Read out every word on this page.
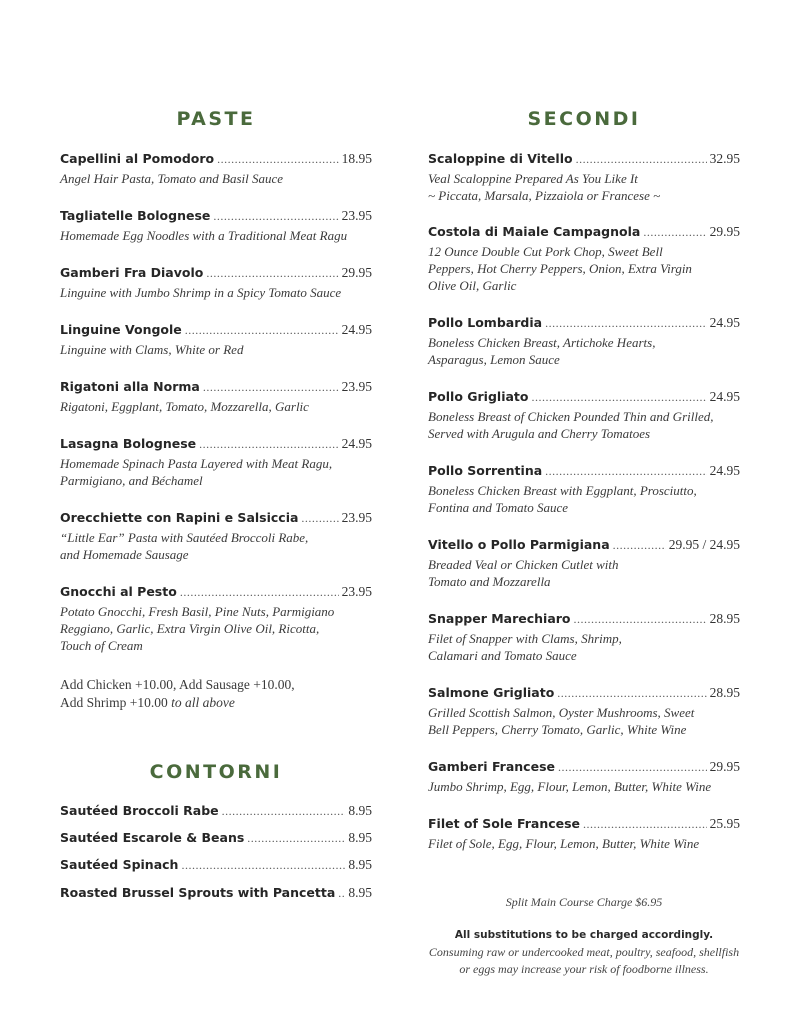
PASTE
Capellini al Pomodoro .....	18.95
Angel Hair Pasta, Tomato and Basil Sauce
Tagliatelle Bolognese .....	23.95
Homemade Egg Noodles with a Traditional Meat Ragu
Gamberi Fra Diavolo .....	29.95
Linguine with Jumbo Shrimp in a Spicy Tomato Sauce
Linguine Vongole .....	24.95
Linguine with Clams, White or Red
Rigatoni alla Norma .....	23.95
Rigatoni, Eggplant, Tomato, Mozzarella, Garlic
Lasagna Bolognese .....	24.95
Homemade Spinach Pasta Layered with Meat Ragu,
Parmigiano, and Béchamel
Orecchiette con Rapini e Salsiccia .....	23.95
“Little Ear” Pasta with Sautéed Broccoli Rabe,
and Homemade Sausage
Gnocchi al Pesto .....	23.95
Potato Gnocchi, Fresh Basil, Pine Nuts, Parmigiano
Reggiano, Garlic, Extra Virgin Olive Oil, Ricotta,
Touch of Cream
Add Chicken +10.00, Add Sausage +10.00,
Add Shrimp +10.00 to all above
CONTORNI
Sautéed Broccoli Rabe .....	8.95
Sautéed Escarole & Beans .....	8.95
Sautéed Spinach .....	8.95
Roasted Brussel Sprouts with Pancetta ..... 8.95
SECONDI
Scaloppine di Vitello .....	32.95
Veal Scaloppine Prepared As You Like It
~ Piccata, Marsala, Pizzaiola or Francese ~
Costola di Maiale Campagnola .....	29.95
12 Ounce Double Cut Pork Chop, Sweet Bell
Peppers, Hot Cherry Peppers, Onion, Extra Virgin
Olive Oil, Garlic
Pollo Lombardia .....	24.95
Boneless Chicken Breast, Artichoke Hearts,
Asparagus, Lemon Sauce
Pollo Grigliato .....	24.95
Boneless Breast of Chicken Pounded Thin and Grilled,
Served with Arugula and Cherry Tomatoes
Pollo Sorrentina .....	24.95
Boneless Chicken Breast with Eggplant, Prosciutto,
Fontina and Tomato Sauce
Vitello o Pollo Parmigiana .....	29.95 / 24.95
Breaded Veal or Chicken Cutlet with
Tomato and Mozzarella
Snapper Marechiaro .....	28.95
Filet of Snapper with Clams, Shrimp,
Calamari and Tomato Sauce
Salmone Grigliato .....	28.95
Grilled Scottish Salmon, Oyster Mushrooms, Sweet
Bell Peppers, Cherry Tomato, Garlic, White Wine
Gamberi Francese .....	29.95
Jumbo Shrimp, Egg, Flour, Lemon, Butter, White Wine
Filet of Sole Francese .....	25.95
Filet of Sole, Egg, Flour, Lemon, Butter, White Wine
Split Main Course Charge $6.95
All substitutions to be charged accordingly.
Consuming raw or undercooked meat, poultry, seafood, shellfish
or eggs may increase your risk of foodborne illness.
